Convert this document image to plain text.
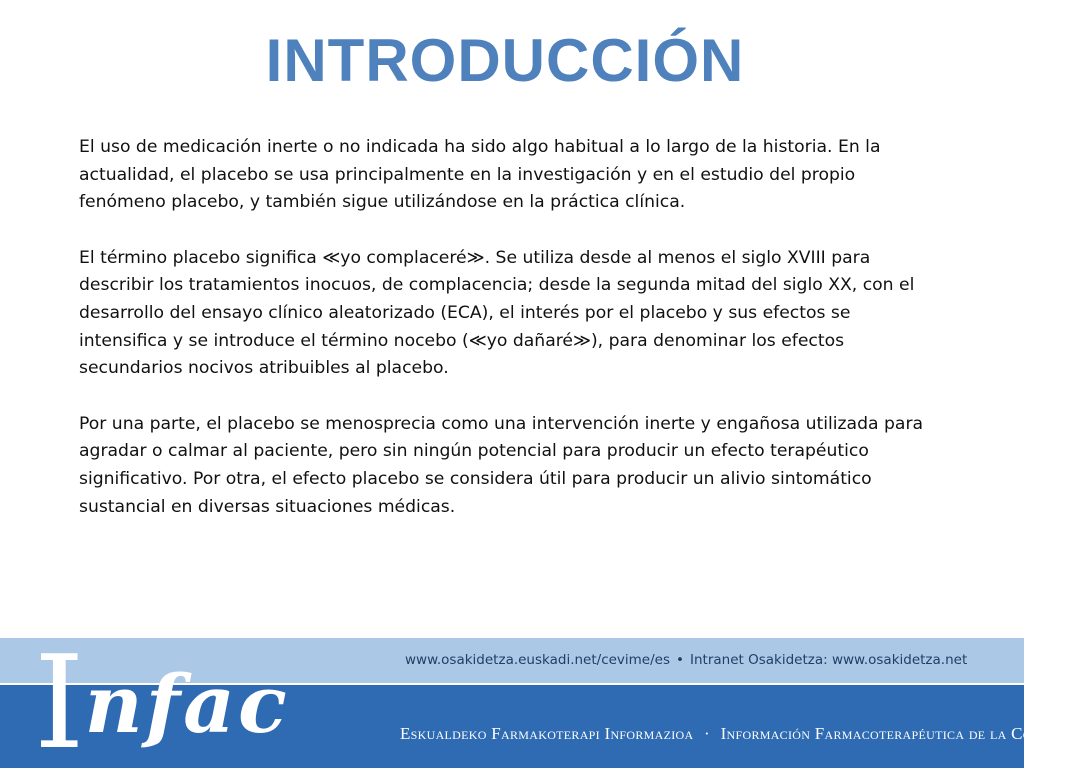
INTRODUCCIÓN

El uso de medicación inerte o no indicada ha sido algo habitual a lo largo de la historia. En la actualidad, el placebo se usa principalmente en la investigación y en el estudio del propio fenómeno placebo, y también sigue utilizándose en la práctica clínica.

El término placebo significa ≪yo complaceré≫. Se utiliza desde al menos el siglo XVIII para describir los tratamientos inocuos, de complacencia; desde la segunda mitad del siglo XX, con el desarrollo del ensayo clínico aleatorizado (ECA), el interés por el placebo y sus efectos se intensifica y se introduce el término nocebo (≪yo dañaré≫), para denominar los efectos secundarios nocivos atribuibles al placebo.

Por una parte, el placebo se menosprecia como una intervención inerte y engañosa utilizada para agradar o calmar al paciente, pero sin ningún potencial para producir un efecto terapéutico significativo. Por otra, el efecto placebo se considera útil para producir un alivio sintomático sustancial en diversas situaciones médicas.

Infac	www.osakidetza.euskadi.net/cevime/es • Intranet Osakidetza: www.osakidetza.net
Eskualdeko Farmakoterapi Informazioa · Información Farmacoterapéutica de la Comarca
